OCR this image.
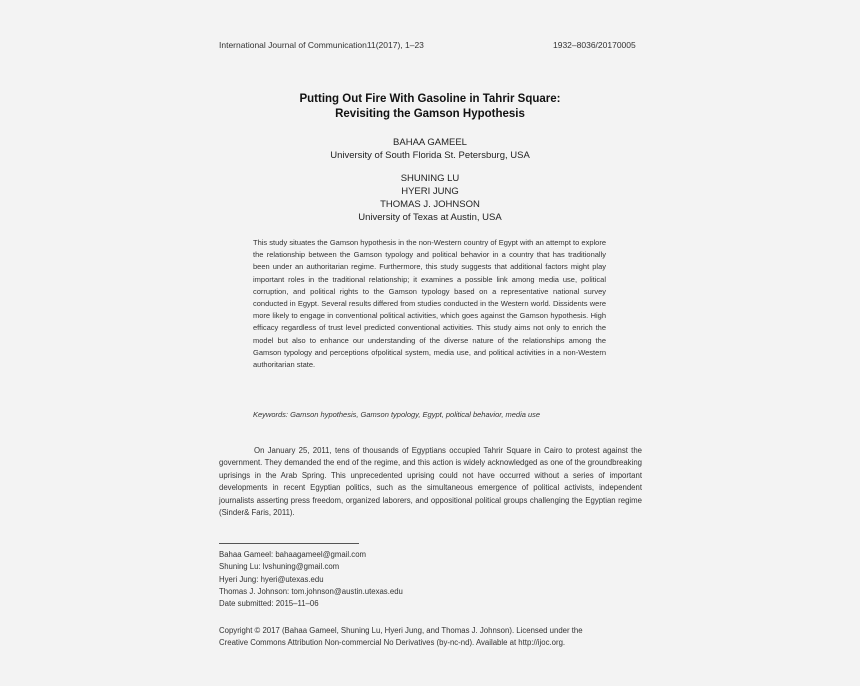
International Journal of Communication11(2017), 1–23	1932–8036/20170005
Putting Out Fire With Gasoline in Tahrir Square:
Revisiting the Gamson Hypothesis
BAHAA GAMEEL
University of South Florida St. Petersburg, USA
SHUNING LU
HYERI JUNG
THOMAS J. JOHNSON
University of Texas at Austin, USA
This study situates the Gamson hypothesis in the non-Western country of Egypt with an attempt to explore the relationship between the Gamson typology and political behavior in a country that has traditionally been under an authoritarian regime. Furthermore, this study suggests that additional factors might play important roles in the traditional relationship; it examines a possible link among media use, political corruption, and political rights to the Gamson typology based on a representative national survey conducted in Egypt. Several results differed from studies conducted in the Western world. Dissidents were more likely to engage in conventional political activities, which goes against the Gamson hypothesis. High efficacy regardless of trust level predicted conventional activities. This study aims not only to enrich the model but also to enhance our understanding of the diverse nature of the relationships among the Gamson typology and perceptions ofpolitical system, media use, and political activities in a non-Western authoritarian state.
Keywords: Gamson hypothesis, Gamson typology, Egypt, political behavior, media use
On January 25, 2011, tens of thousands of Egyptians occupied Tahrir Square in Cairo to protest against the government. They demanded the end of the regime, and this action is widely acknowledged as one of the groundbreaking uprisings in the Arab Spring. This unprecedented uprising could not have occurred without a series of important developments in recent Egyptian politics, such as the simultaneous emergence of political activists, independent journalists asserting press freedom, organized laborers, and oppositional political groups challenging the Egyptian regime (Sinder& Faris, 2011).
Bahaa Gameel: bahaagameel@gmail.com
Shuning Lu: lvshuning@gmail.com
Hyeri Jung: hyeri@utexas.edu
Thomas J. Johnson: tom.johnson@austin.utexas.edu
Date submitted: 2015–11–06
Copyright © 2017 (Bahaa Gameel, Shuning Lu, Hyeri Jung, and Thomas J. Johnson). Licensed under the
Creative Commons Attribution Non-commercial No Derivatives (by-nc-nd). Available at http://ijoc.org.
